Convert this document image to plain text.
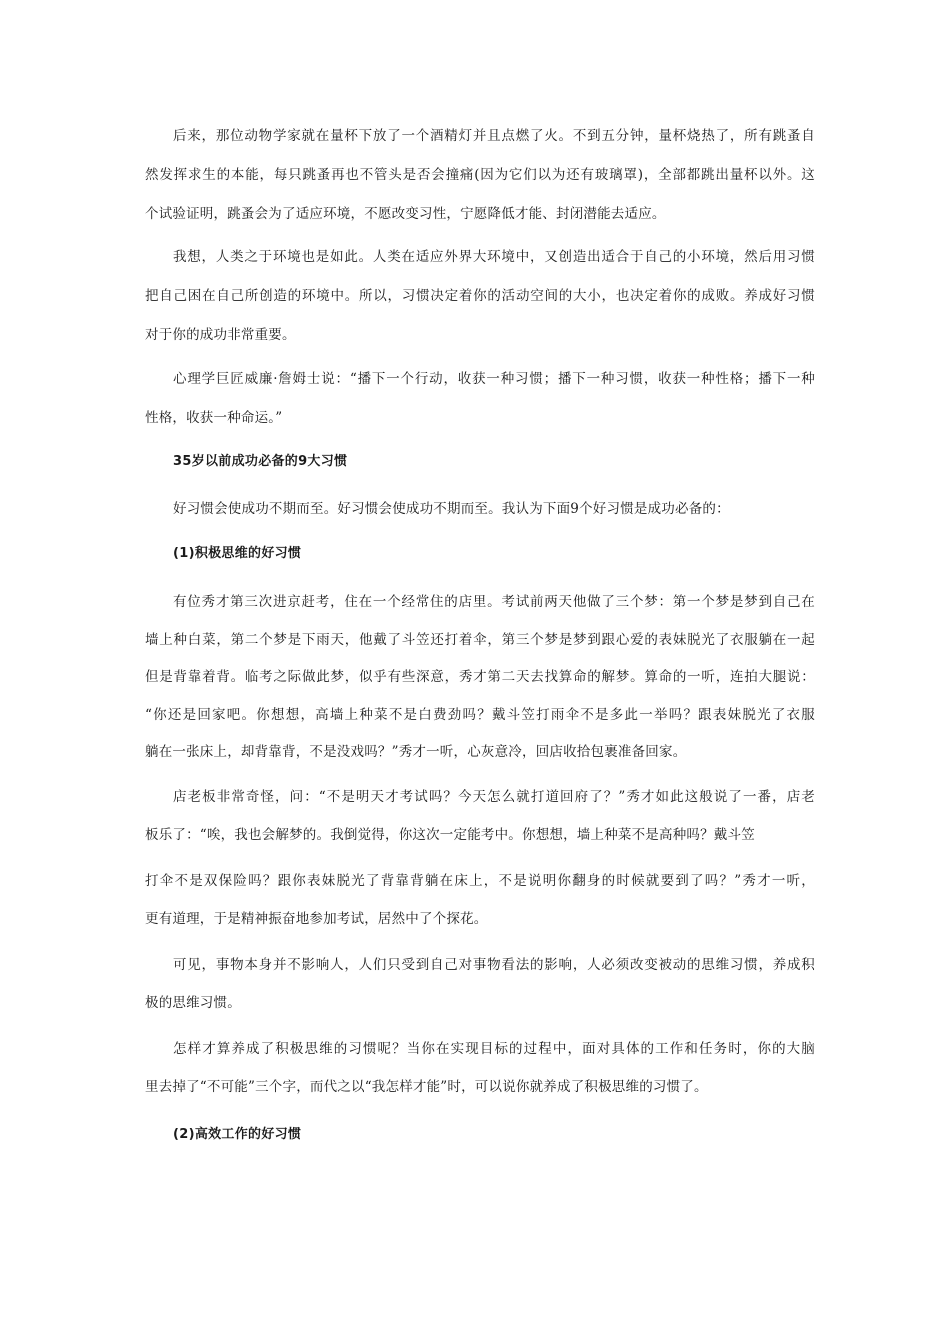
后来，那位动物学家就在量杯下放了一个酒精灯并且点燃了火。不到五分钟，量杯烧热了，所有跳蚤自
然发挥求生的本能，每只跳蚤再也不管头是否会撞痛(因为它们以为还有玻璃罩)，全部都跳出量杯以外。这
个试验证明，跳蚤会为了适应环境，不愿改变习性，宁愿降低才能、封闭潜能去适应。
我想，人类之于环境也是如此。人类在适应外界大环境中，又创造出适合于自己的小环境，然后用习惯
把自己困在自己所创造的环境中。所以，习惯决定着你的活动空间的大小，也决定着你的成败。养成好习惯
对于你的成功非常重要。
心理学巨匠威廉·詹姆士说：“播下一个行动，收获一种习惯；播下一种习惯，收获一种性格；播下一种
性格，收获一种命运。”
35岁以前成功必备的9大习惯
好习惯会使成功不期而至。好习惯会使成功不期而至。我认为下面9个好习惯是成功必备的：
(1)积极思维的好习惯
有位秀才第三次进京赶考，住在一个经常住的店里。考试前两天他做了三个梦：第一个梦是梦到自己在
墙上种白菜，第二个梦是下雨天，他戴了斗笠还打着伞，第三个梦是梦到跟心爱的表妹脱光了衣服躺在一起
但是背靠着背。临考之际做此梦，似乎有些深意，秀才第二天去找算命的解梦。算命的一听，连拍大腿说：
“你还是回家吧。你想想，高墙上种菜不是白费劲吗？戴斗笠打雨伞不是多此一举吗？跟表妹脱光了衣服
躺在一张床上，却背靠背，不是没戏吗？”秀才一听，心灰意冷，回店收拾包裹准备回家。
店老板非常奇怪，问：“不是明天才考试吗？今天怎么就打道回府了？”秀才如此这般说了一番，店老
板乐了：“唉，我也会解梦的。我倒觉得，你这次一定能考中。你想想，墙上种菜不是高种吗？戴斗笠
打伞不是双保险吗？跟你表妹脱光了背靠背躺在床上，不是说明你翻身的时候就要到了吗？”秀才一听，
更有道理，于是精神振奋地参加考试，居然中了个探花。
可见，事物本身并不影响人，人们只受到自己对事物看法的影响，人必须改变被动的思维习惯，养成积
极的思维习惯。
怎样才算养成了积极思维的习惯呢？当你在实现目标的过程中，面对具体的工作和任务时，你的大脑
里去掉了“不可能”三个字，而代之以“我怎样才能”时，可以说你就养成了积极思维的习惯了。
(2)高效工作的好习惯
